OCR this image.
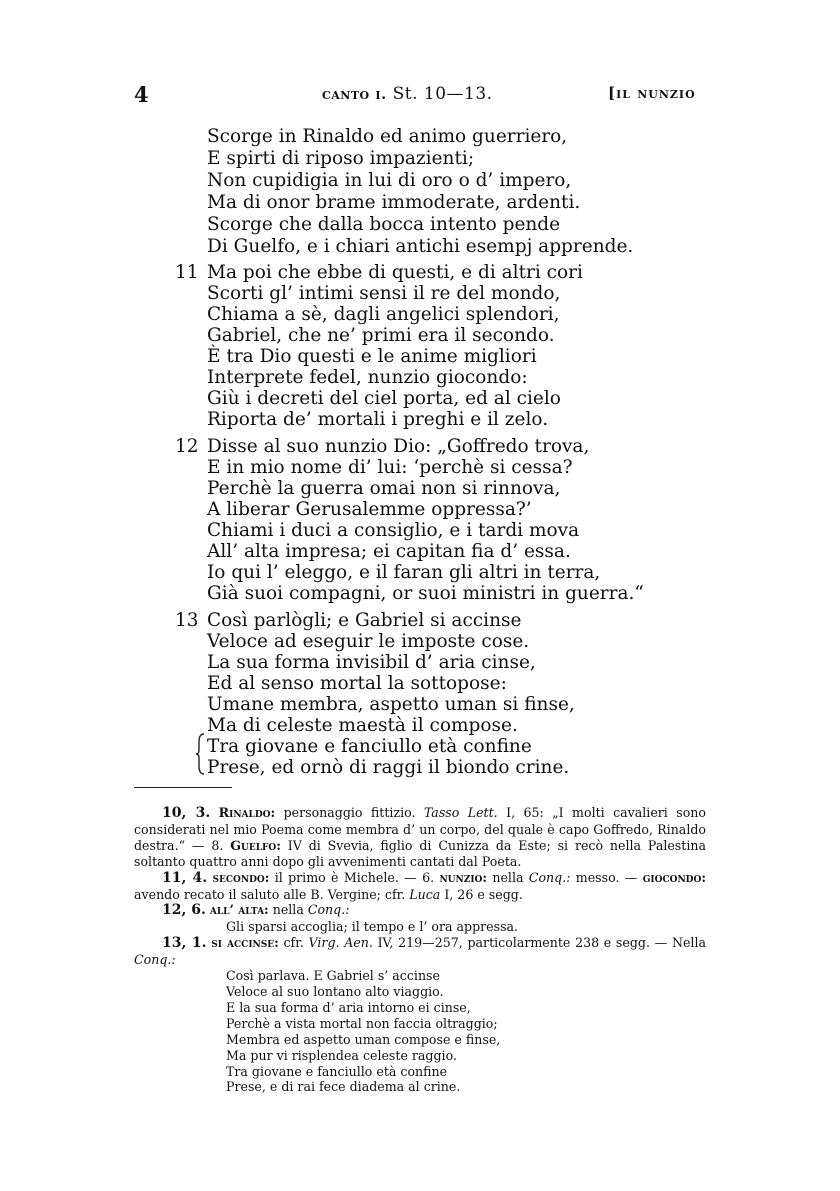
4	canto i. St. 10—13.	[il nunzio
Scorge in Rinaldo ed animo guerriero,
E spirti di riposo impazienti;
Non cupidigia in lui di oro o d’ impero,
Ma di onor brame immoderate, ardenti.
Scorge che dalla bocca intento pende
Di Guelfo, e i chiari antichi esempj apprende.
11 Ma poi che ebbe di questi, e di altri cori
Scorti gl’ intimi sensi il re del mondo,
Chiama a sè, dagli angelici splendori,
Gabriel, che ne’ primi era il secondo.
È tra Dio questi e le anime migliori
Interprete fedel, nunzio giocondo:
Giù i decreti del ciel porta, ed al cielo
Riporta de’ mortali i preghi e il zelo.
12 Disse al suo nunzio Dio: „Goffredo trova,
E in mio nome di’ lui: ‘perchè si cessa?
Perchè la guerra omai non si rinnova,
A liberar Gerusalemme oppressa?’
Chiami i duci a consiglio, e i tardi mova
All’ alta impresa; ei capitan fia d’ essa.
Io qui l’ eleggo, e il faran gli altri in terra,
Già suoi compagni, or suoi ministri in guerra.“
13 Così parlògli; e Gabriel si accinse
Veloce ad eseguir le imposte cose.
La sua forma invisibil d’ aria cinse,
Ed al senso mortal la sottopose:
Umane membra, aspetto uman si finse,
Ma di celeste maestà il compose.
Tra giovane e fanciullo età confine
Prese, ed ornò di raggi il biondo crine.

10, 3. Rinaldo: personaggio fittizio. Tasso Lett. I, 65: „I molti cavalieri sono considerati nel mio Poema come membra d’ un corpo, del quale è capo Goffredo, Rinaldo destra.“ — 8. Guelfo: IV di Svevia, figlio di Cunizza da Este; si recò nella Palestina soltanto quattro anni dopo gli avvenimenti cantati dal Poeta.

11, 4. secondo: il primo è Michele. — 6. nunzio: nella Conq.: messo. — giocondo: avendo recato il saluto alle B. Vergine; cfr. Luca I, 26 e segg.

12, 6. all’ alta: nella Conq.:

Gli sparsi accoglia; il tempo e l’ ora appressa.

13, 1. si accinse: cfr. Virg. Aen. IV, 219—257, particolarmente 238 e segg. — Nella Conq.:

Così parlava. E Gabriel s’ accinse

Veloce al suo lontano alto viaggio.

E la sua forma d’ aria intorno ei cinse,

Perchè a vista mortal non faccia oltraggio;

Membra ed aspetto uman compose e finse,

Ma pur vi risplendea celeste raggio.

Tra giovane e fanciullo età confine

Prese, e di rai fece diadema al crine.
